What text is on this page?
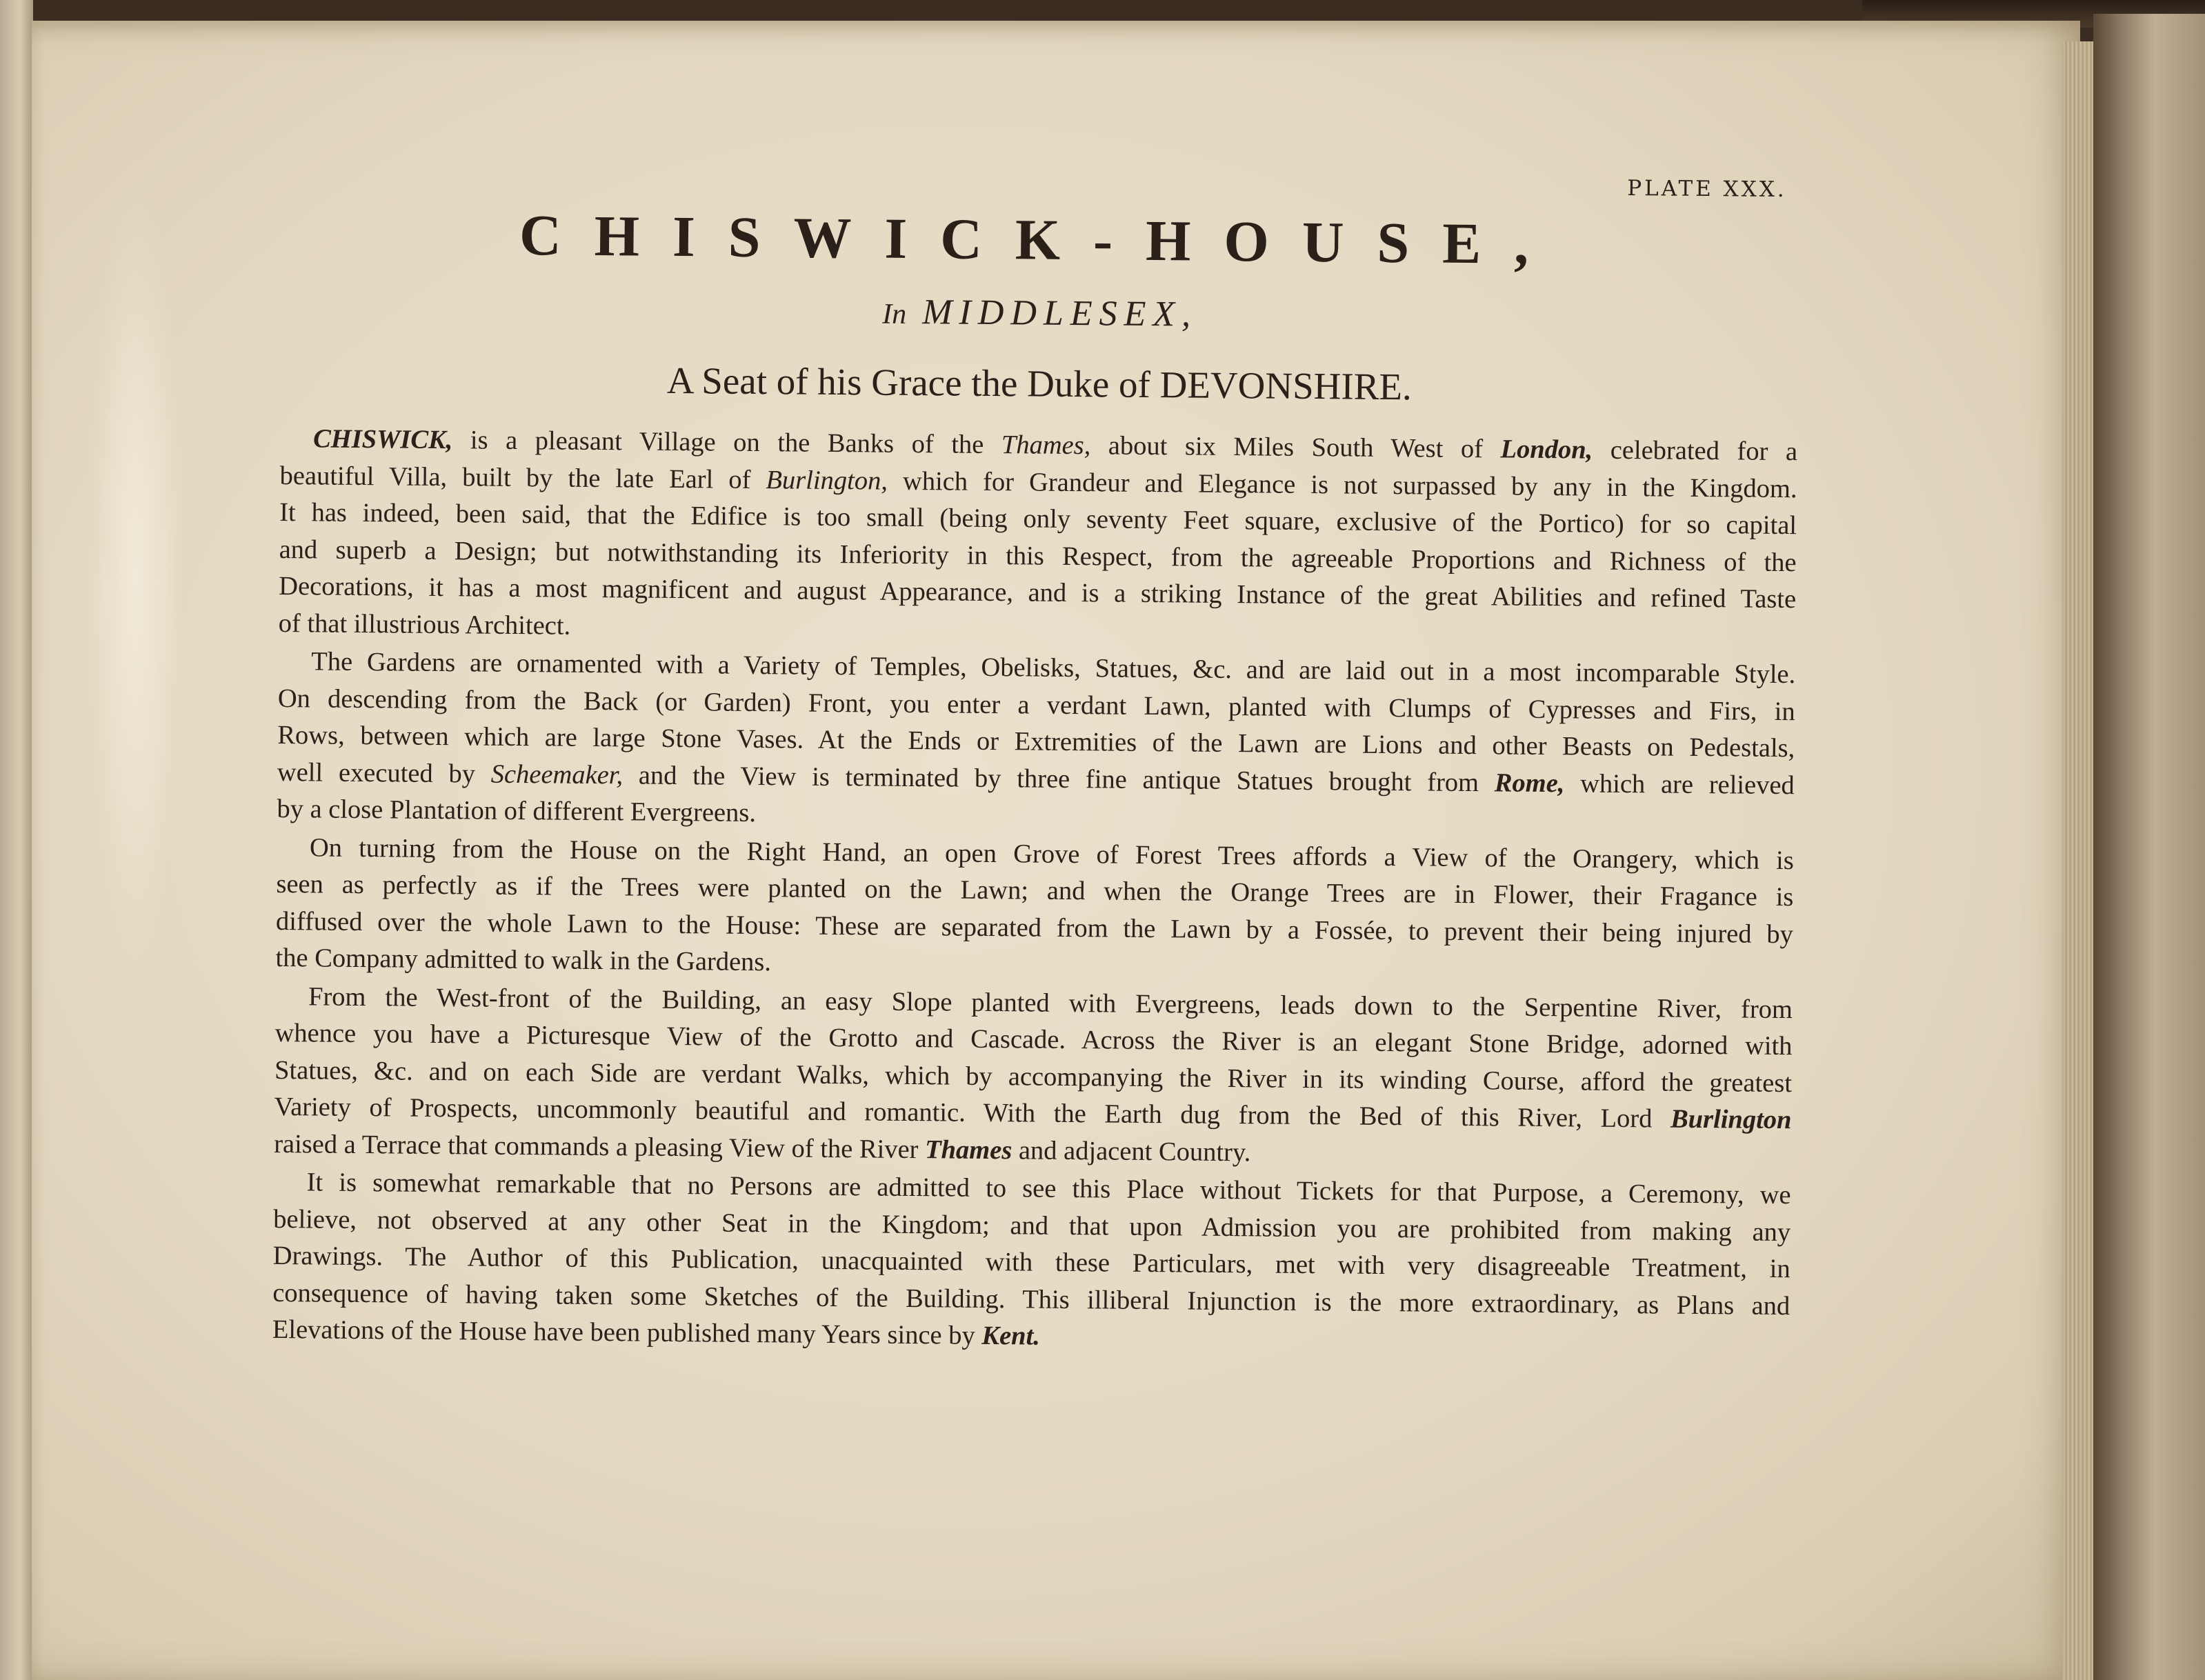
PLATE XXX.
CHISWICK-HOUSE,
In MIDDLESEX,
A Seat of his Grace the Duke of DEVONSHIRE.

CHISWICK, is a pleasant Village on the Banks of the Thames, about six Miles South West of London, celebrated for a
beautiful Villa, built by the late Earl of Burlington, which for Grandeur and Elegance is not surpassed by any in the Kingdom.
It has indeed, been said, that the Edifice is too small (being only seventy Feet square, exclusive of the Portico) for so capital
and superb a Design; but notwithstanding its Inferiority in this Respect, from the agreeable Proportions and Richness of the
Decorations, it has a most magnificent and august Appearance, and is a striking Instance of the great Abilities and refined Taste
of that illustrious Architect.

The Gardens are ornamented with a Variety of Temples, Obelisks, Statues, &c. and are laid out in a most incomparable Style.
On descending from the Back (or Garden) Front, you enter a verdant Lawn, planted with Clumps of Cypresses and Firs, in
Rows, between which are large Stone Vases. At the Ends or Extremities of the Lawn are Lions and other Beasts on Pedestals,
well executed by Scheemaker, and the View is terminated by three fine antique Statues brought from Rome, which are relieved
by a close Plantation of different Evergreens.

On turning from the House on the Right Hand, an open Grove of Forest Trees affords a View of the Orangery, which is
seen as perfectly as if the Trees were planted on the Lawn; and when the Orange Trees are in Flower, their Fragance is
diffused over the whole Lawn to the House: These are separated from the Lawn by a Fossée, to prevent their being injured by
the Company admitted to walk in the Gardens.

From the West-front of the Building, an easy Slope planted with Evergreens, leads down to the Serpentine River, from
whence you have a Picturesque View of the Grotto and Cascade. Across the River is an elegant Stone Bridge, adorned with
Statues, &c. and on each Side are verdant Walks, which by accompanying the River in its winding Course, afford the greatest
Variety of Prospects, uncommonly beautiful and romantic. With the Earth dug from the Bed of this River, Lord Burlington
raised a Terrace that commands a pleasing View of the River Thames and adjacent Country.

It is somewhat remarkable that no Persons are admitted to see this Place without Tickets for that Purpose, a Ceremony, we
believe, not observed at any other Seat in the Kingdom; and that upon Admission you are prohibited from making any
Drawings. The Author of this Publication, unacquainted with these Particulars, met with very disagreeable Treatment, in
consequence of having taken some Sketches of the Building. This illiberal Injunction is the more extraordinary, as Plans and
Elevations of the House have been published many Years since by Kent.
